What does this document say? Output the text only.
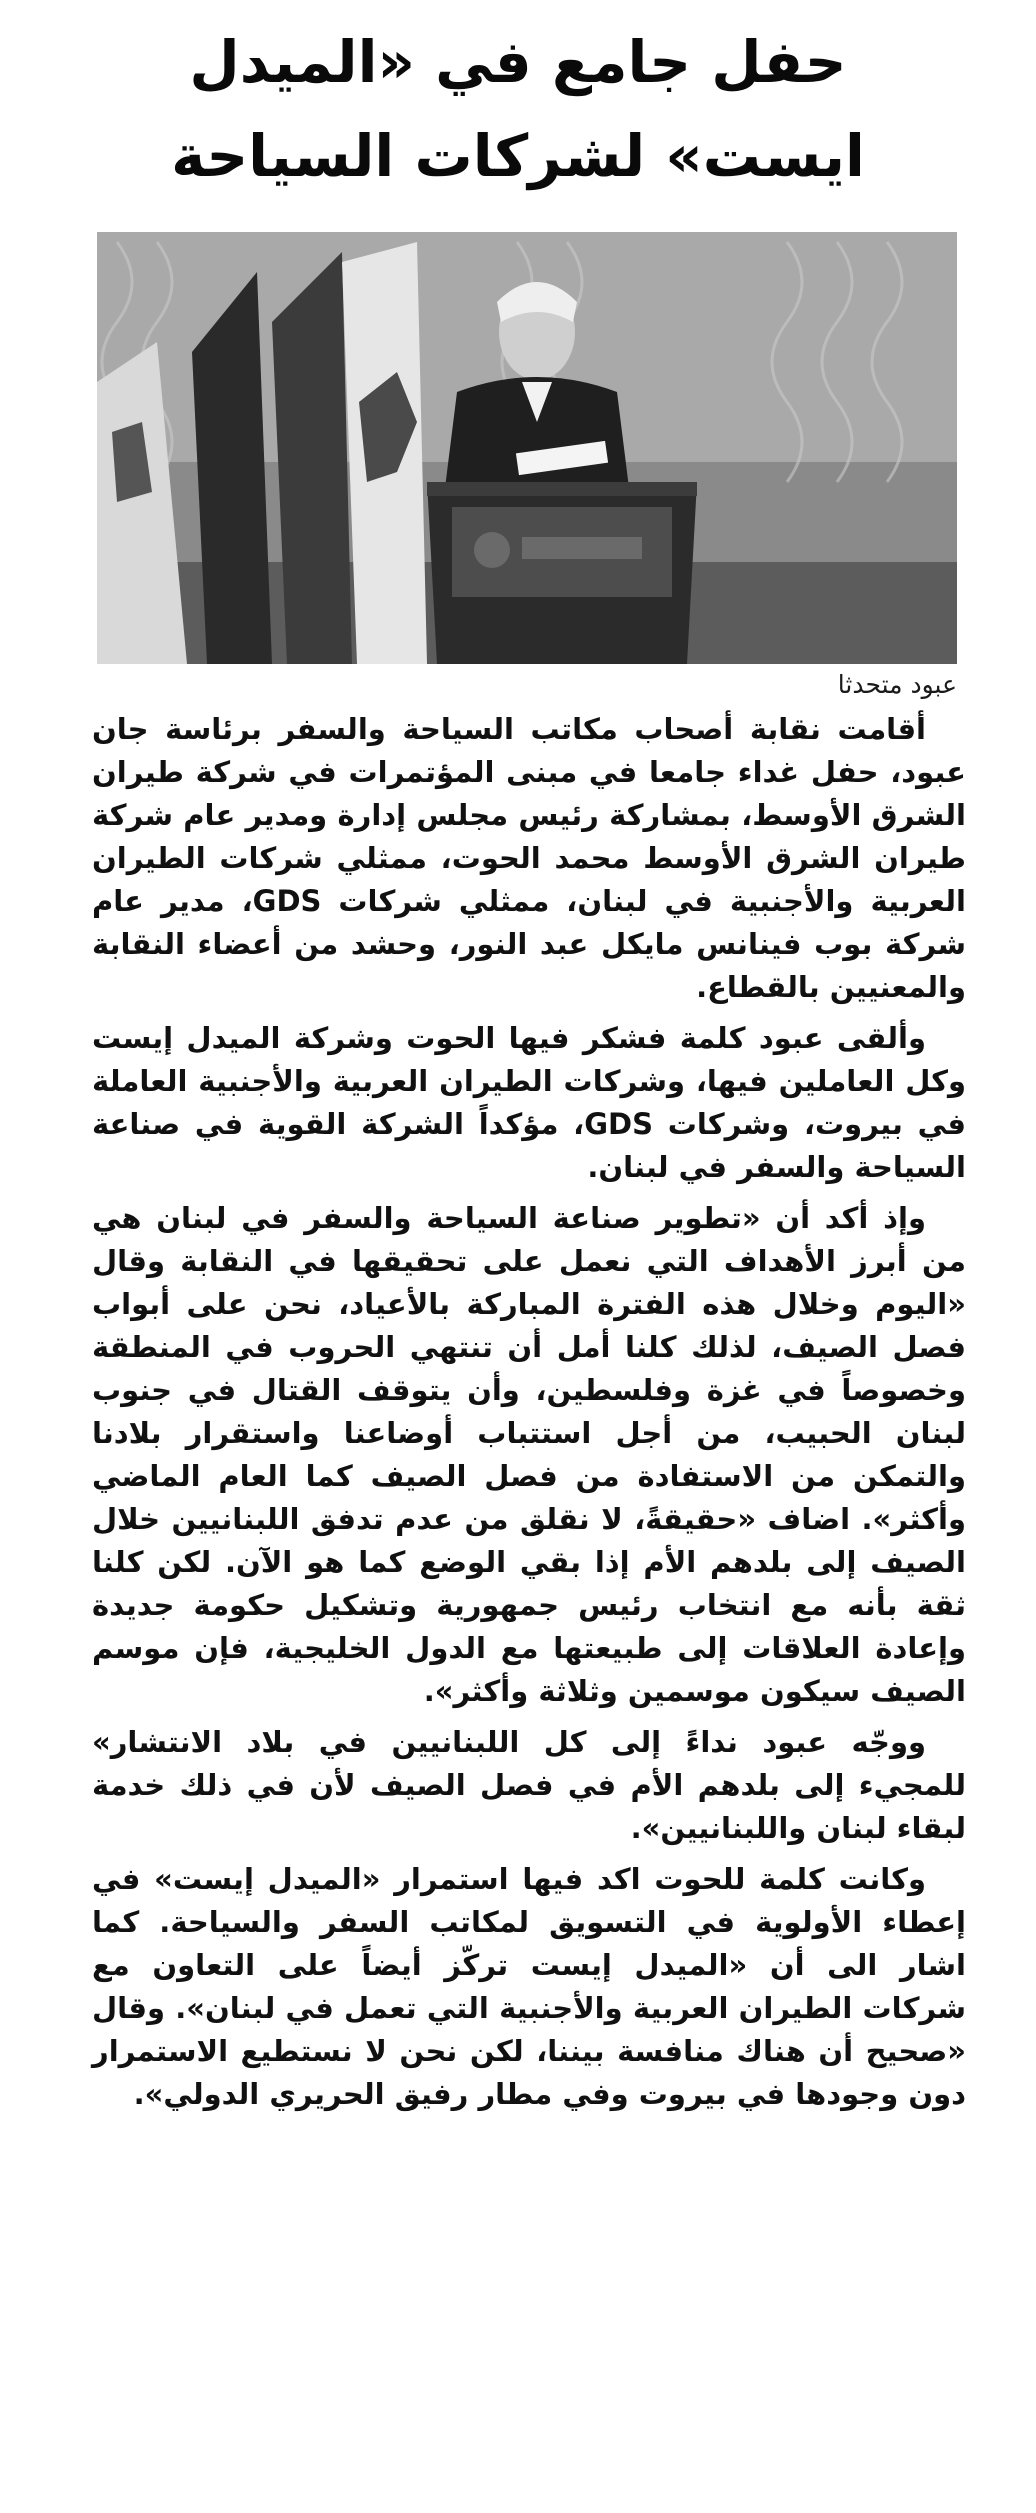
حفل جامع في «الميدل
ايست» لشركات السياحة
عبود متحدثا

أقامت نقابة أصحاب مكاتب السياحة والسفر برئاسة جان عبود، حفل غداء جامعا في مبنى المؤتمرات في شركة طيران الشرق الأوسط، بمشاركة رئيس مجلس إدارة ومدير عام شركة طيران الشرق الأوسط محمد الحوت، ممثلي شركات الطيران العربية والأجنبية في لبنان، ممثلي شركات GDS، مدير عام شركة بوب فينانس مايكل عبد النور، وحشد من أعضاء النقابة والمعنيين بالقطاع.

وألقى عبود كلمة فشكر فيها الحوت وشركة الميدل إيست وكل العاملين فيها، وشركات الطيران العربية والأجنبية العاملة في بيروت، وشركات GDS، مؤكداً الشركة القوية في صناعة السياحة والسفر في لبنان.

وإذ أكد أن «تطوير صناعة السياحة والسفر في لبنان هي من أبرز الأهداف التي نعمل على تحقيقها في النقابة وقال «اليوم وخلال هذه الفترة المباركة بالأعياد، نحن على أبواب فصل الصيف، لذلك كلنا أمل أن تنتهي الحروب في المنطقة وخصوصاً في غزة وفلسطين، وأن يتوقف القتال في جنوب لبنان الحبيب، من أجل استتباب أوضاعنا واستقرار بلادنا والتمكن من الاستفادة من فصل الصيف كما العام الماضي وأكثر». اضاف «حقيقةً، لا نقلق من عدم تدفق اللبنانيين خلال الصيف إلى بلدهم الأم إذا بقي الوضع كما هو الآن. لكن كلنا ثقة بأنه مع انتخاب رئيس جمهورية وتشكيل حكومة جديدة وإعادة العلاقات إلى طبيعتها مع الدول الخليجية، فإن موسم الصيف سيكون موسمين وثلاثة وأكثر».

ووجّه عبود نداءً إلى كل اللبنانيين في بلاد الانتشار» للمجيء إلى بلدهم الأم في فصل الصيف لأن في ذلك خدمة لبقاء لبنان واللبنانيين».

وكانت كلمة للحوت اكد فيها استمرار «الميدل إيست» في إعطاء الأولوية في التسويق لمكاتب السفر والسياحة. كما اشار الى أن «الميدل إيست تركّز أيضاً على التعاون مع شركات الطيران العربية والأجنبية التي تعمل في لبنان». وقال «صحيح أن هناك منافسة بيننا، لكن نحن لا نستطيع الاستمرار دون وجودها في بيروت وفي مطار رفيق الحريري الدولي».
